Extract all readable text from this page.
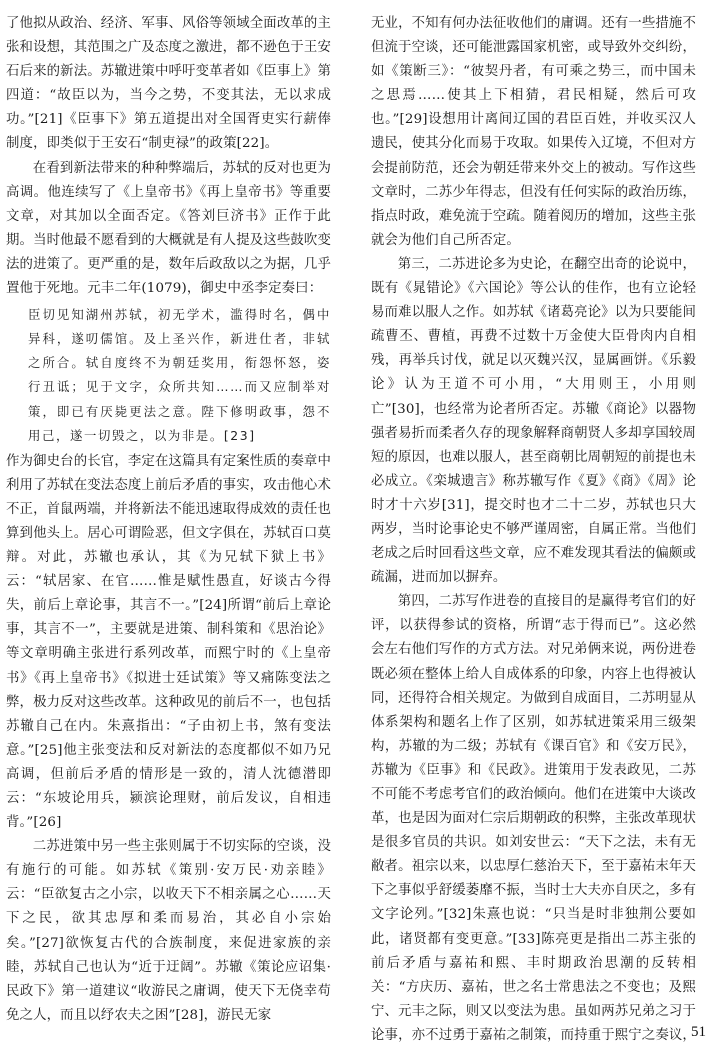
了他拟从政治、经济、军事、风俗等领域全面改革的主张和设想，其范围之广及态度之激进，都不逊色于王安石后来的新法。苏辙进策中呼吁变革者如《臣事上》第四道：“故臣以为，当今之势，不变其法，无以求成功。”[21]《臣事下》第五道提出对全国胥吏实行薪俸制度，即类似于王安石“制吏禄”的政策[22]。

在看到新法带来的种种弊端后，苏轼的反对也更为高调。他连续写了《上皇帝书》《再上皇帝书》等重要文章，对其加以全面否定。《答刘巨济书》正作于此期。当时他最不愿看到的大概就是有人提及这些鼓吹变法的进策了。更严重的是，数年后政敌以之为据，几乎置他于死地。元丰二年(1079)，御史中丞李定奏曰：

臣切见知湖州苏轼，初无学术，滥得时名，偶中异科，遂叨儒馆。及上圣兴作，新进仕者，非轼之所合。轼自度终不为朝廷奖用，衔怨怀怒，姿行丑诋；见于文字，众所共知……而又应制举对策，即已有厌毙更法之意。陛下修明政事，怨不用己，遂一切毁之，以为非是。[23]

作为御史台的长官，李定在这篇具有定案性质的奏章中利用了苏轼在变法态度上前后矛盾的事实，攻击他心术不正，首鼠两端，并将新法不能迅速取得成效的责任也算到他头上。居心可谓险恶，但文字俱在，苏轼百口莫辩。对此，苏辙也承认，其《为兄轼下狱上书》云：“轼居家、在官……惟是赋性愚直，好谈古今得失，前后上章论事，其言不一。”[24]所谓“前后上章论事，其言不一”，主要就是进策、制科策和《思治论》等文章明确主张进行系列改革，而熙宁时的《上皇帝书》《再上皇帝书》《拟进士廷试策》等又痛陈变法之弊，极力反对这些改革。这种政见的前后不一，也包括苏辙自己在内。朱熹指出：“子由初上书，煞有变法意。”[25]他主张变法和反对新法的态度都似不如乃兄高调，但前后矛盾的情形是一致的，清人沈德潜即云：“东坡论用兵，颍滨论理财，前后发议，自相违背。”[26]

二苏进策中另一些主张则属于不切实际的空谈，没有施行的可能。如苏轼《策别·安万民·劝亲睦》云：“臣欲复古之小宗，以收天下不相亲属之心……天下之民，欲其忠厚和柔而易治，其必自小宗始矣。”[27]欲恢复古代的合族制度，来促进家族的亲睦，苏轼自己也认为“近于迂阔”。苏辙《策论应诏集·民政下》第一道建议“收游民之庸调，使天下无侥幸苟免之人，而且以纾农夫之困”[28]，游民无家

无业，不知有何办法征收他们的庸调。还有一些措施不但流于空谈，还可能泄露国家机密，或导致外交纠纷，如《策断三》：“彼契丹者，有可乘之势三，而中国未之思焉……使其上下相猜，君民相疑，然后可攻也。”[29]设想用计离间辽国的君臣百姓，并收买汉人遗民，使其分化而易于攻取。如果传入辽境，不但对方会提前防范，还会为朝廷带来外交上的被动。写作这些文章时，二苏少年得志，但没有任何实际的政治历练，指点时政，难免流于空疏。随着阅历的增加，这些主张就会为他们自己所否定。

第三，二苏进论多为史论，在翻空出奇的论说中，既有《晁错论》《六国论》等公认的佳作，也有立论轻易而难以服人之作。如苏轼《诸葛亮论》以为只要能间疏曹丕、曹植，再费不过数十万金使大臣骨肉内自相残，再举兵讨伐，就足以灭魏兴汉，显属画饼。《乐毅论》认为王道不可小用，“大用则王，小用则亡”[30]，也经常为论者所否定。苏辙《商论》以器物强者易折而柔者久存的现象解释商朝贤人多却享国较周短的原因，也难以服人，甚至商朝比周朝短的前提也未必成立。《栾城遗言》称苏辙写作《夏》《商》《周》论时才十六岁[31]，提交时也才二十二岁，苏轼也只大两岁，当时论事论史不够严谨周密，自属正常。当他们老成之后时回看这些文章，应不难发现其看法的偏颇或疏漏，进而加以摒弃。

第四，二苏写作进卷的直接目的是赢得考官们的好评，以获得参试的资格，所谓“志于得而已”。这必然会左右他们写作的方式方法。对兄弟俩来说，两份进卷既必须在整体上给人自成体系的印象，内容上也得被认同，还得符合相关规定。为做到自成面目，二苏明显从体系架构和题名上作了区别，如苏轼进策采用三级架构，苏辙的为二级；苏轼有《课百官》和《安万民》，苏辙为《臣事》和《民政》。进策用于发表政见，二苏不可能不考虑考官们的政治倾向。他们在进策中大谈改革，也是因为面对仁宗后期朝政的积弊，主张改革现状是很多官员的共识。如刘安世云：“天下之法，未有无敝者。祖宗以来，以忠厚仁慈治天下，至于嘉祐末年天下之事似乎舒缓萎靡不振，当时士大夫亦自厌之，多有文字论列。”[32]朱熹也说：“只当是时非独荆公要如此，诸贤都有变更意。”[33]陈亮更是指出二苏主张的前后矛盾与嘉祐和熙、丰时期政治思潮的反转相关：“方庆历、嘉祐，世之名士常患法之不变也；及熙宁、元丰之际，则又以变法为患。虽如两苏兄弟之习于论事，亦不过勇于嘉祐之制策，而持重于熙宁之奏议，

51
